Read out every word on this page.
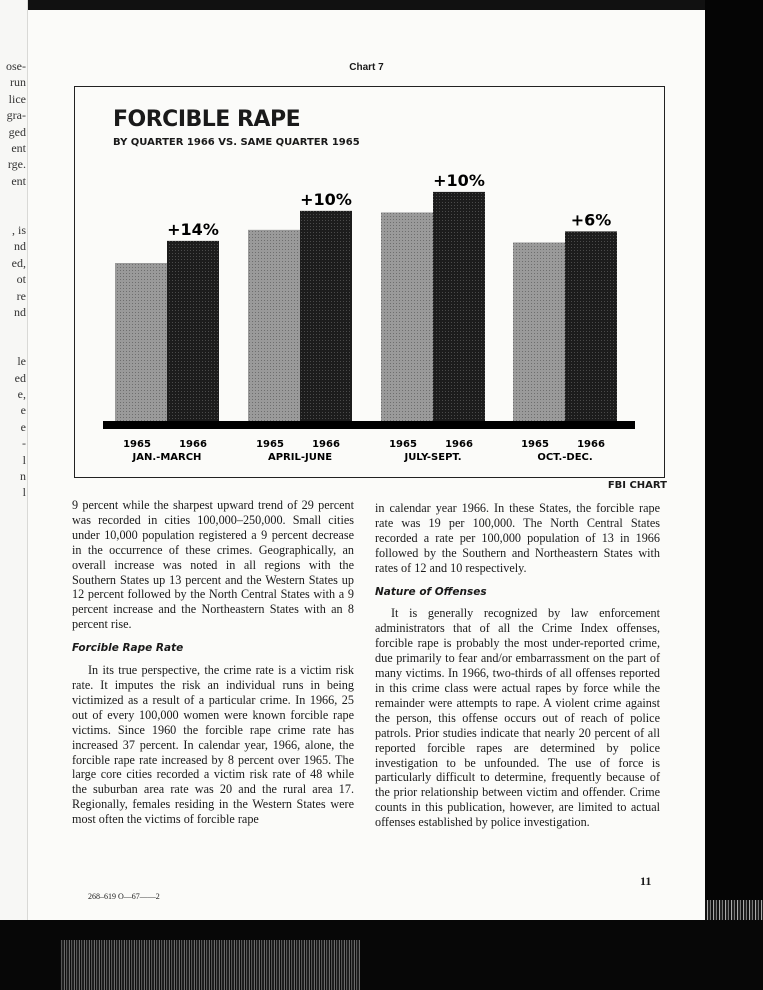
ose-
run
lice
gra-
ged
ent
rge.
ent
, is
nd
ed,
ot
re
nd
le
ed
e,
e
e
-
l
n
l
Chart 7
+14%
1965	1966
JAN.-MARCH
+10%
1965	1966
APRIL-JUNE
+10%
1965	1966
JULY-SEPT.
+6%
1965	1966
OCT.-DEC.
FORCIBLE RAPE
BY QUARTER 1966 VS. SAME QUARTER 1965
FBI CHART

9 percent while the sharpest upward trend of 29 percent was recorded in cities 100,000–250,000. Small cities under 10,000 population registered a 9 percent decrease in the occurrence of these crimes. Geographically, an overall increase was noted in all regions with the Southern States up 13 percent and the Western States up 12 percent followed by the North Central States with a 9 percent increase and the Northeastern States with an 8 percent rise.

Forcible Rape Rate

In its true perspective, the crime rate is a victim risk rate. It imputes the risk an individual runs in being victimized as a result of a particular crime. In 1966, 25 out of every 100,000 women were known forcible rape victims. Since 1960 the forcible rape crime rate has increased 37 percent. In calendar year, 1966, alone, the forcible rape rate increased by 8 percent over 1965. The large core cities recorded a victim risk rate of 48 while the suburban area rate was 20 and the rural area 17. Regionally, females residing in the Western States were most often the victims of forcible rape

in calendar year 1966. In these States, the forcible rape rate was 19 per 100,000. The North Central States recorded a rate per 100,000 population of 13 in 1966 followed by the Southern and Northeastern States with rates of 12 and 10 respectively.

Nature of Offenses

It is generally recognized by law enforcement administrators that of all the Crime Index offenses, forcible rape is probably the most under-reported crime, due primarily to fear and/or embarrassment on the part of many victims. In 1966, two-thirds of all offenses reported in this crime class were actual rapes by force while the remainder were attempts to rape. A violent crime against the person, this offense occurs out of reach of police patrols. Prior studies indicate that nearly 20 percent of all reported forcible rapes are determined by police investigation to be unfounded. The use of force is particularly difficult to determine, frequently because of the prior relationship between victim and offender. Crime counts in this publication, however, are limited to actual offenses established by police investigation.

11
268–619 O—67——2
